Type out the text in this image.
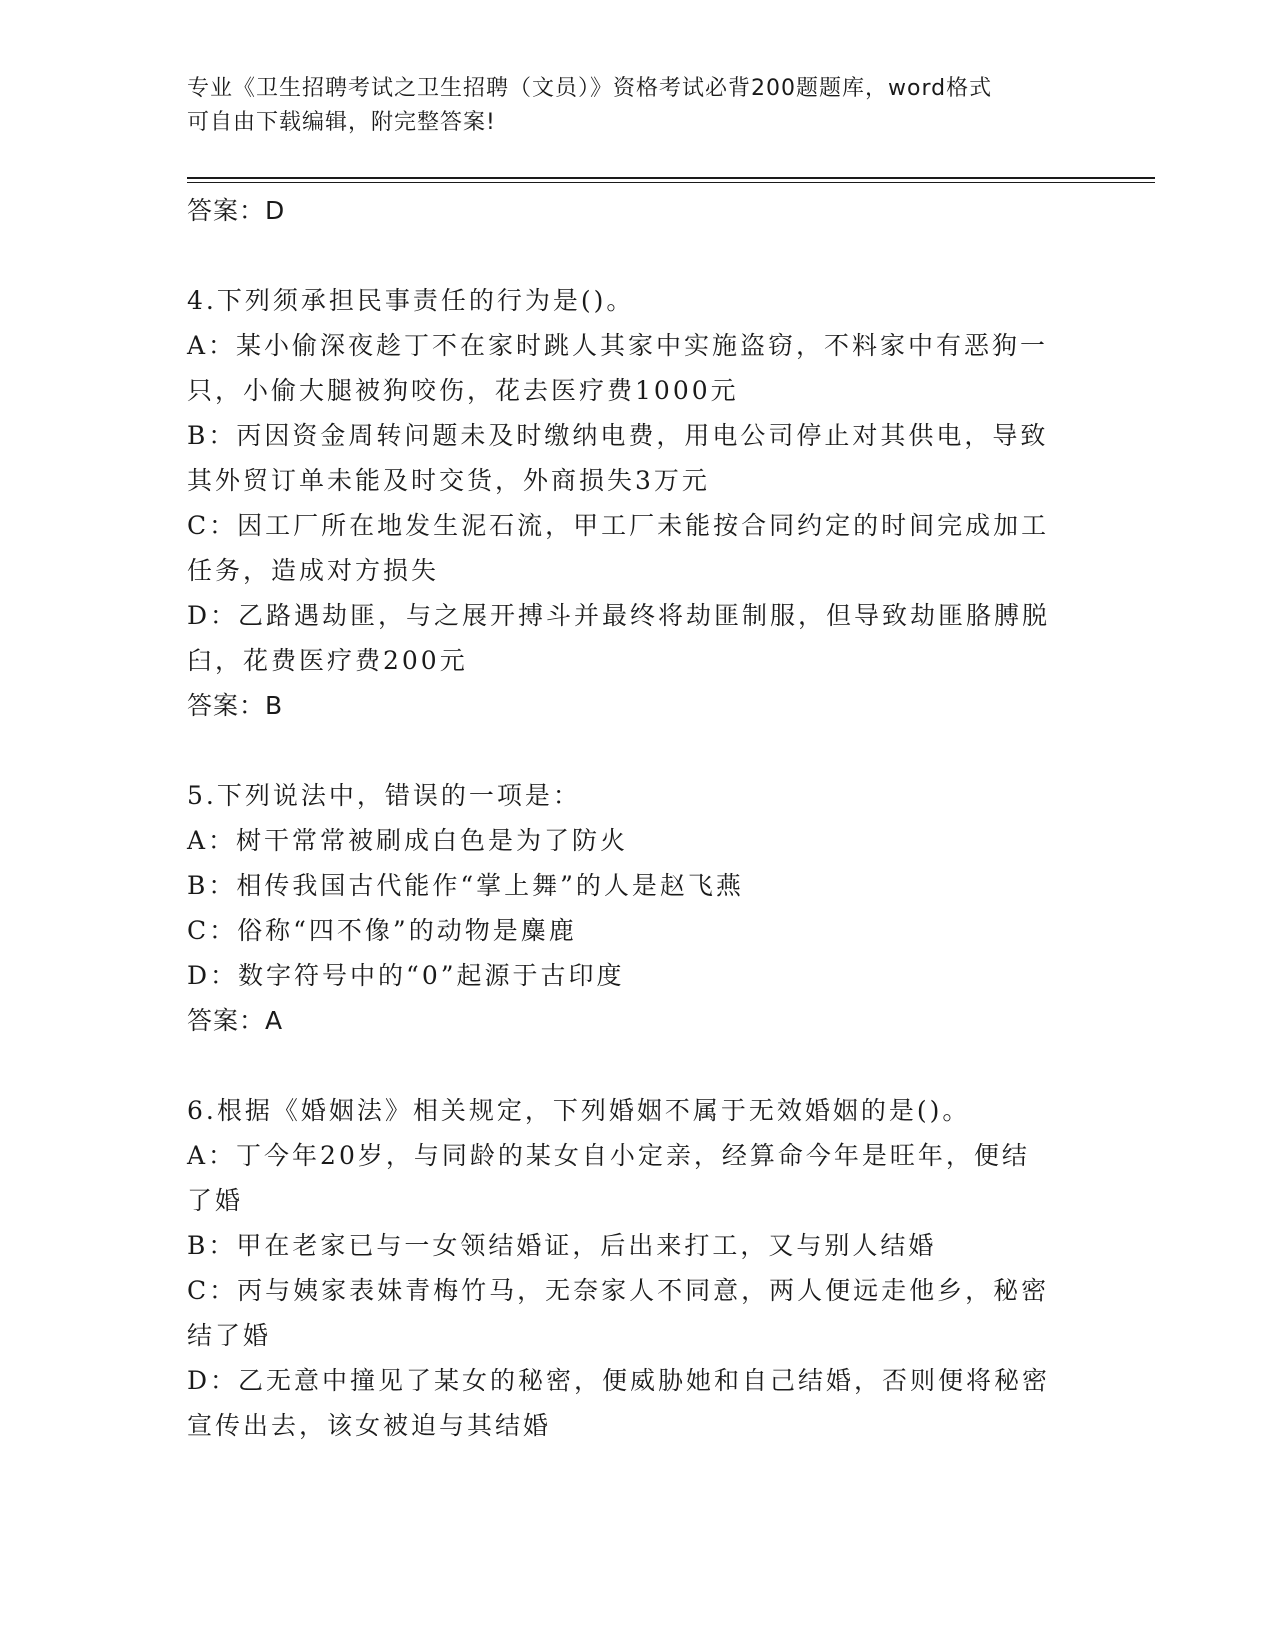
专业《卫生招聘考试之卫生招聘（文员）》资格考试必背200题题库，word格式
可自由下载编辑，附完整答案!
答案：D
4.下列须承担民事责任的行为是()。
A：某小偷深夜趁丁不在家时跳人其家中实施盗窃，不料家中有恶狗一
只，小偷大腿被狗咬伤，花去医疗费1000元
B：丙因资金周转问题未及时缴纳电费，用电公司停止对其供电，导致
其外贸订单未能及时交货，外商损失3万元
C：因工厂所在地发生泥石流，甲工厂未能按合同约定的时间完成加工
任务，造成对方损失
D：乙路遇劫匪，与之展开搏斗并最终将劫匪制服，但导致劫匪胳膊脱
臼，花费医疗费200元
答案：B
5.下列说法中，错误的一项是：
A：树干常常被刷成白色是为了防火
B：相传我国古代能作“掌上舞”的人是赵飞燕
C：俗称“四不像”的动物是麋鹿
D：数字符号中的“0”起源于古印度
答案：A
6.根据《婚姻法》相关规定，下列婚姻不属于无效婚姻的是()。
A：丁今年20岁，与同龄的某女自小定亲，经算命今年是旺年，便结
了婚
B：甲在老家已与一女领结婚证，后出来打工，又与别人结婚
C：丙与姨家表妹青梅竹马，无奈家人不同意，两人便远走他乡，秘密
结了婚
D：乙无意中撞见了某女的秘密，便威胁她和自己结婚，否则便将秘密
宣传出去，该女被迫与其结婚
